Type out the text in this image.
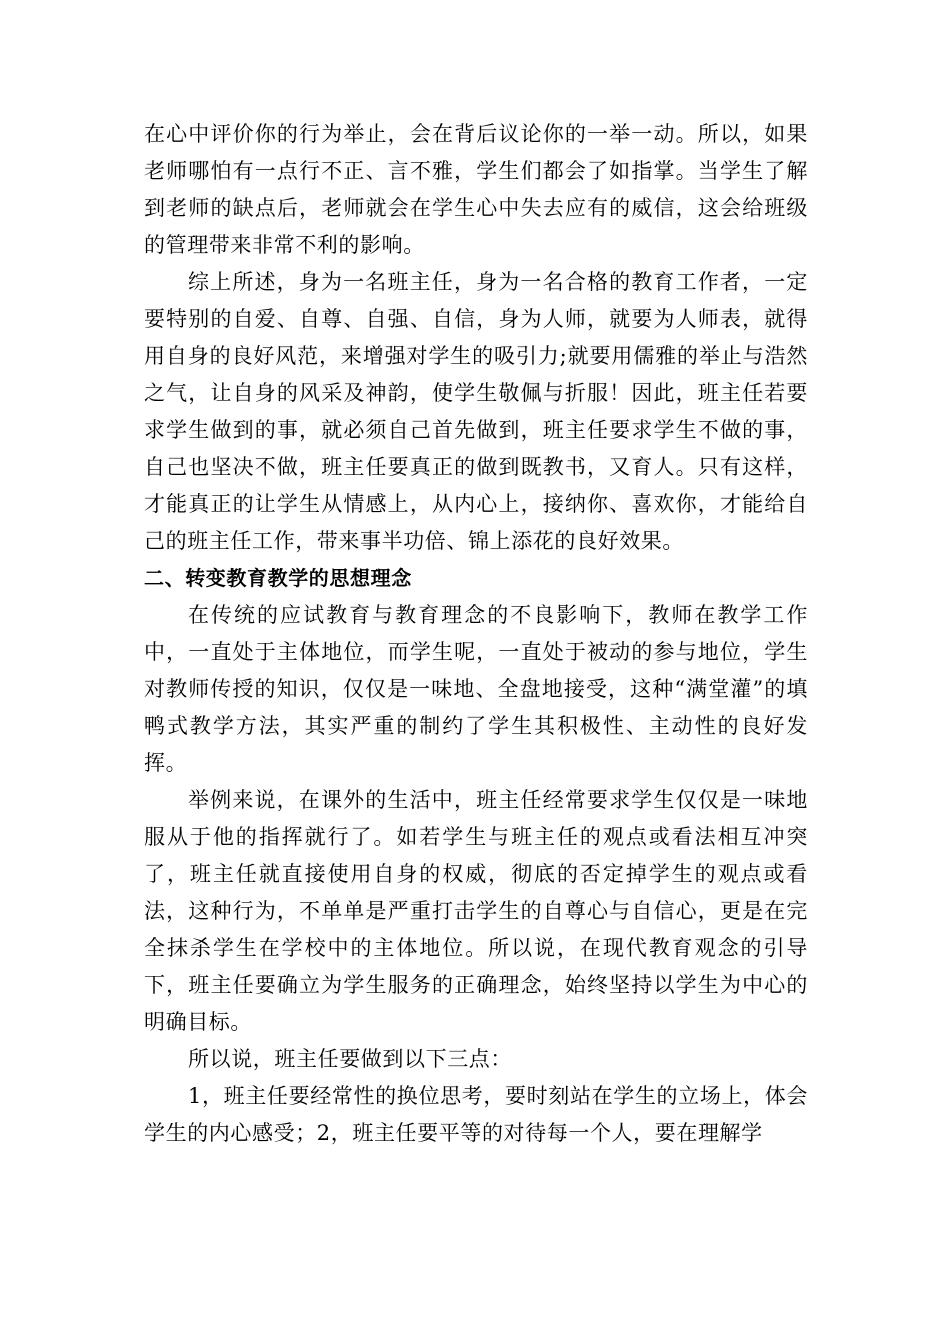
在心中评价你的行为举止，会在背后议论你的一举一动。所以，如果老师哪怕有一点行不正、言不雅，学生们都会了如指掌。当学生了解到老师的缺点后，老师就会在学生心中失去应有的威信，这会给班级的管理带来非常不利的影响。

综上所述，身为一名班主任，身为一名合格的教育工作者，一定要特别的自爱、自尊、自强、自信，身为人师，就要为人师表，就得用自身的良好风范，来增强对学生的吸引力;就要用儒雅的举止与浩然之气，让自身的风采及神韵，使学生敬佩与折服！因此，班主任若要求学生做到的事，就必须自己首先做到，班主任要求学生不做的事，自己也坚决不做，班主任要真正的做到既教书，又育人。只有这样，才能真正的让学生从情感上，从内心上，接纳你、喜欢你，才能给自己的班主任工作，带来事半功倍、锦上添花的良好效果。

二、转变教育教学的思想理念

在传统的应试教育与教育理念的不良影响下，教师在教学工作中，一直处于主体地位，而学生呢，一直处于被动的参与地位，学生对教师传授的知识，仅仅是一味地、全盘地接受，这种“满堂灌”的填鸭式教学方法，其实严重的制约了学生其积极性、主动性的良好发挥。

举例来说，在课外的生活中，班主任经常要求学生仅仅是一味地服从于他的指挥就行了。如若学生与班主任的观点或看法相互冲突了，班主任就直接使用自身的权威，彻底的否定掉学生的观点或看法，这种行为，不单单是严重打击学生的自尊心与自信心，更是在完全抹杀学生在学校中的主体地位。所以说，在现代教育观念的引导下，班主任要确立为学生服务的正确理念，始终坚持以学生为中心的明确目标。

所以说，班主任要做到以下三点：

1，班主任要经常性的换位思考，要时刻站在学生的立场上，体会学生的内心感受；2，班主任要平等的对待每一个人，要在理解学
